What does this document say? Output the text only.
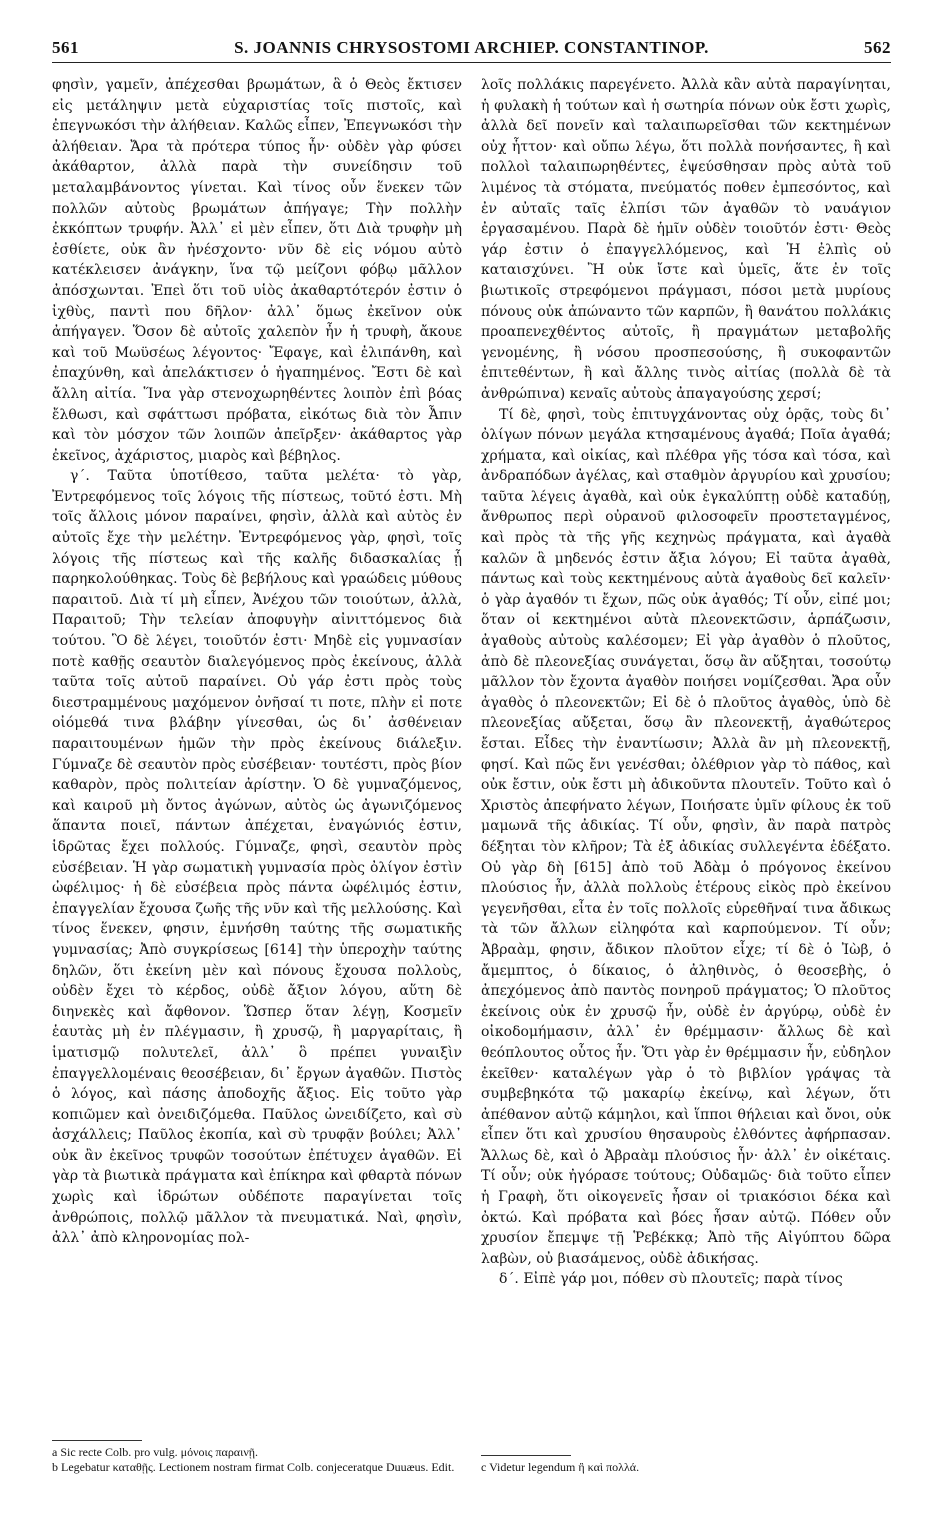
561	S. JOANNIS CHRYSOSTOMI ARCHIEP. CONSTANTINOP.	562

φησὶν, γαμεῖν, ἀπέχεσθαι βρωμάτων, ἃ ὁ Θεὸς ἔκτισεν εἰς μετάληψιν μετὰ εὐχαριστίας τοῖς πιστοῖς, καὶ ἐπεγνωκόσι τὴν ἀλήθειαν. Καλῶς εἶπεν, Ἐπεγνωκόσι τὴν ἀλήθειαν. Ἄρα τὰ πρότερα τύπος ἦν· οὐδὲν γὰρ φύσει ἀκάθαρτον, ἀλλὰ παρὰ τὴν συνείδησιν τοῦ μεταλαμβάνοντος γίνεται. Καὶ τίνος οὖν ἕνεκεν τῶν πολλῶν αὐτοὺς βρωμάτων ἀπήγαγε; Τὴν πολλὴν ἐκκόπτων τρυφήν. Ἀλλ᾽ εἰ μὲν εἶπεν, ὅτι Διὰ τρυφὴν μὴ ἐσθίετε, οὐκ ἂν ἠνέσχοντο· νῦν δὲ εἰς νόμου αὐτὸ κατέκλεισεν ἀνάγκην, ἵνα τῷ μείζονι φόβῳ μᾶλλον ἀπόσχωνται. Ἐπεὶ ὅτι τοῦ υἱὸς ἀκαθαρτότερόν ἐστιν ὁ ἰχθὺς, παντὶ που δῆλον· ἀλλ᾽ ὅμως ἐκεῖνον οὐκ ἀπήγαγεν. Ὅσον δὲ αὐτοῖς χαλεπὸν ἦν ἡ τρυφὴ, ἄκουε καὶ τοῦ Μωϋσέως λέγοντος· Ἔφαγε, καὶ ἐλιπάνθη, καὶ ἐπαχύνθη, καὶ ἀπελάκτισεν ὁ ἠγαπημένος. Ἔστι δὲ καὶ ἄλλη αἰτία. Ἵνα γὰρ στενοχωρηθέντες λοιπὸν ἐπὶ βόας ἔλθωσι, καὶ σφάττωσι πρόβατα, εἰκότως διὰ τὸν Ἆπιν καὶ τὸν μόσχον τῶν λοιπῶν ἀπεῖρξεν· ἀκάθαρτος γὰρ ἐκεῖνος, ἀχάριστος, μιαρὸς καὶ βέβηλος.

γ΄. Ταῦτα ὑποτίθεσο, ταῦτα μελέτα· τὸ γὰρ, Ἐντρεφόμενος τοῖς λόγοις τῆς πίστεως, τοῦτό ἐστι. Μὴ τοῖς ἄλλοις μόνον παραίνει, φησὶν, ἀλλὰ καὶ αὐτὸς ἐν αὐτοῖς ἔχε τὴν μελέτην. Ἐντρεφόμενος γὰρ, φησὶ, τοῖς λόγοις τῆς πίστεως καὶ τῆς καλῆς διδασκαλίας ᾗ παρηκολούθηκας. Τοὺς δὲ βεβήλους καὶ γραώδεις μύθους παραιτοῦ. Διὰ τί μὴ εἶπεν, Ἀνέχου τῶν τοιούτων, ἀλλὰ, Παραιτοῦ; Τὴν τελείαν ἀποφυγὴν αἰνιττόμενος διὰ τούτου. Ὃ δὲ λέγει, τοιοῦτόν ἐστι· Μηδὲ εἰς γυμνασίαν ποτὲ καθῇς σεαυτὸν διαλεγόμενος πρὸς ἐκείνους, ἀλλὰ ταῦτα τοῖς αὐτοῦ παραίνει. Οὐ γάρ ἐστι πρὸς τοὺς διεστραμμένους μαχόμενον ὀνῆσαί τι ποτε, πλὴν εἰ ποτε οἰόμεθά τινα βλάβην γίνεσθαι, ὡς δι᾽ ἀσθένειαν παραιτουμένων ἡμῶν τὴν πρὸς ἐκείνους διάλεξιν. Γύμναζε δὲ σεαυτὸν πρὸς εὐσέβειαν· τουτέστι, πρὸς βίον καθαρὸν, πρὸς πολιτείαν ἀρίστην. Ὁ δὲ γυμναζόμενος, καὶ καιροῦ μὴ ὄντος ἀγώνων, αὐτὸς ὡς ἀγωνιζόμενος ἅπαντα ποιεῖ, πάντων ἀπέχεται, ἐναγώνιός ἐστιν, ἱδρῶτας ἔχει πολλούς. Γύμναζε, φησὶ, σεαυτὸν πρὸς εὐσέβειαν. Ἡ γὰρ σωματικὴ γυμνασία πρὸς ὀλίγον ἐστὶν ὠφέλιμος· ἡ δὲ εὐσέβεια πρὸς πάντα ὠφέλιμός ἐστιν, ἐπαγγελίαν ἔχουσα ζωῆς τῆς νῦν καὶ τῆς μελλούσης. Καὶ τίνος ἕνεκεν, φησιν, ἐμνήσθη ταύτης τῆς σωματικῆς γυμνασίας; Ἀπὸ συγκρίσεως [614] τὴν ὑπεροχὴν ταύτης δηλῶν, ὅτι ἐκείνη μὲν καὶ πόνους ἔχουσα πολλοὺς, οὐδὲν ἔχει τὸ κέρδος, οὐδὲ ἄξιον λόγου, αὕτη δὲ διηνεκὲς καὶ ἄφθονον. Ὥσπερ ὅταν λέγῃ, Κοσμεῖν ἑαυτὰς μὴ ἐν πλέγμασιν, ἢ χρυσῷ, ἢ μαργαρίταις, ἢ ἱματισμῷ πολυτελεῖ, ἀλλ᾽ ὃ πρέπει γυναιξὶν ἐπαγγελλομέναις θεοσέβειαν, δι᾽ ἔργων ἀγαθῶν. Πιστὸς ὁ λόγος, καὶ πάσης ἀποδοχῆς ἄξιος. Εἰς τοῦτο γὰρ κοπιῶμεν καὶ ὀνειδιζόμεθα. Παῦλος ὠνειδίζετο, καὶ σὺ ἀσχάλλεις; Παῦλος ἐκοπία, καὶ σὺ τρυφᾷν βούλει; Ἀλλ᾽ οὐκ ἂν ἐκεῖνος τρυφῶν τοσούτων ἐπέτυχεν ἀγαθῶν. Εἰ γὰρ τὰ βιωτικὰ πράγματα καὶ ἐπίκηρα καὶ φθαρτὰ πόνων χωρὶς καὶ ἱδρώτων οὐδέποτε παραγίνεται τοῖς ἀνθρώποις, πολλῷ μᾶλλον τὰ πνευματικά. Ναὶ, φησὶν, ἀλλ᾽ ἀπὸ κληρονομίας πολ-

a Sic recte Colb. pro vulg. μόνοις παραινῇ.

b Legebatur καταθῇς. Lectionem nostram firmat Colb. conjeceratque Duuæus. Edit.

λοῖς πολλάκις παρεγένετο. Ἀλλὰ κἂν αὐτὰ παραγίνηται, ἡ φυλακὴ ἡ τούτων καὶ ἡ σωτηρία πόνων οὐκ ἔστι χωρὶς, ἀλλὰ δεῖ πονεῖν καὶ ταλαιπωρεῖσθαι τῶν κεκτημένων οὐχ ἧττον· καὶ οὔπω λέγω, ὅτι πολλὰ πονήσαντες, ἢ καὶ πολλοὶ ταλαιπωρηθέντες, ἐψεύσθησαν πρὸς αὐτὰ τοῦ λιμένος τὰ στόματα, πνεύματός ποθεν ἐμπεσόντος, καὶ ἐν αὐταῖς ταῖς ἐλπίσι τῶν ἀγαθῶν τὸ ναυάγιον ἐργασαμένου. Παρὰ δὲ ἡμῖν οὐδὲν τοιοῦτόν ἐστι· Θεὸς γάρ ἐστιν ὁ ἐπαγγελλόμενος, καὶ Ἡ ἐλπὶς οὐ καταισχύνει. Ἢ οὐκ ἴστε καὶ ὑμεῖς, ἅτε ἐν τοῖς βιωτικοῖς στρεφόμενοι πράγμασι, πόσοι μετὰ μυρίους πόνους οὐκ ἀπώναντο τῶν καρπῶν, ἢ θανάτου πολλάκις προαπενεχθέντος αὐτοῖς, ἢ πραγμάτων μεταβολῆς γενομένης, ἢ νόσου προσπεσούσης, ἢ συκοφαντῶν ἐπιτεθέντων, ἢ καὶ ἄλλης τινὸς αἰτίας (πολλὰ δὲ τὰ ἀνθρώπινα) κεναῖς αὐτοὺς ἀπαγαγούσης χερσί;

Τί δὲ, φησὶ, τοὺς ἐπιτυγχάνοντας οὐχ ὁρᾷς, τοὺς δι᾽ ὀλίγων πόνων μεγάλα κτησαμένους ἀγαθά; Ποῖα ἀγαθά; χρήματα, καὶ οἰκίας, καὶ πλέθρα γῆς τόσα καὶ τόσα, καὶ ἀνδραπόδων ἀγέλας, καὶ σταθμὸν ἀργυρίου καὶ χρυσίου; ταῦτα λέγεις ἀγαθὰ, καὶ οὐκ ἐγκαλύπτῃ οὐδὲ καταδύῃ, ἄνθρωπος περὶ οὐρανοῦ φιλοσοφεῖν προστεταγμένος, καὶ πρὸς τὰ τῆς γῆς κεχηνὼς πράγματα, καὶ ἀγαθὰ καλῶν ἃ μηδενός ἐστιν ἄξια λόγου; Εἰ ταῦτα ἀγαθὰ, πάντως καὶ τοὺς κεκτημένους αὐτὰ ἀγαθοὺς δεῖ καλεῖν· ὁ γὰρ ἀγαθόν τι ἔχων, πῶς οὐκ ἀγαθός; Τί οὖν, εἰπέ μοι; ὅταν οἱ κεκτημένοι αὐτὰ πλεονεκτῶσιν, ἁρπάζωσιν, ἀγαθοὺς αὐτοὺς καλέσομεν; Εἰ γὰρ ἀγαθὸν ὁ πλοῦτος, ἀπὸ δὲ πλεονεξίας συνάγεται, ὅσῳ ἂν αὔξηται, τοσούτῳ μᾶλλον τὸν ἔχοντα ἀγαθὸν ποιήσει νομίζεσθαι. Ἄρα οὖν ἀγαθὸς ὁ πλεονεκτῶν; Εἰ δὲ ὁ πλοῦτος ἀγαθὸς, ὑπὸ δὲ πλεονεξίας αὔξεται, ὅσῳ ἂν πλεονεκτῇ, ἀγαθώτερος ἔσται. Εἶδες τὴν ἐναντίωσιν; Ἀλλὰ ἂν μὴ πλεονεκτῇ, φησί. Καὶ πῶς ἔνι γενέσθαι; ὀλέθριον γὰρ τὸ πάθος, καὶ οὐκ ἔστιν, οὐκ ἔστι μὴ ἀδικοῦντα πλουτεῖν. Τοῦτο καὶ ὁ Χριστὸς ἀπεφήνατο λέγων, Ποιήσατε ὑμῖν φίλους ἐκ τοῦ μαμωνᾶ τῆς ἀδικίας. Τί οὖν, φησὶν, ἂν παρὰ πατρὸς δέξηται τὸν κλῆρον; Τὰ ἐξ ἀδικίας συλλεγέντα ἐδέξατο. Οὐ γὰρ δὴ [615] ἀπὸ τοῦ Ἀδὰμ ὁ πρόγονος ἐκείνου πλούσιος ἦν, ἀλλὰ πολλοὺς ἑτέρους εἰκὸς πρὸ ἐκείνου γεγενῆσθαι, εἶτα ἐν τοῖς πολλοῖς εὑρεθῆναί τινα ἄδικως τὰ τῶν ἄλλων εἰληφότα καὶ καρπούμενον. Τί οὖν; Ἀβραὰμ, φησιν, ἄδικον πλοῦτον εἶχε; τί δὲ ὁ Ἰὼβ, ὁ ἄμεμπτος, ὁ δίκαιος, ὁ ἀληθινὸς, ὁ θεοσεβὴς, ὁ ἀπεχόμενος ἀπὸ παντὸς πονηροῦ πράγματος; Ὁ πλοῦτος ἐκείνοις οὐκ ἐν χρυσῷ ἦν, οὐδὲ ἐν ἀργύρῳ, οὐδὲ ἐν οἰκοδομήμασιν, ἀλλ᾽ ἐν θρέμμασιν· ἄλλως δὲ καὶ θεόπλουτος οὗτος ἦν. Ὅτι γὰρ ἐν θρέμμασιν ἦν, εὐδηλον ἐκεῖθεν· καταλέγων γὰρ ὁ τὸ βιβλίον γράψας τὰ συμβεβηκότα τῷ μακαρίῳ ἐκείνῳ, καὶ λέγων, ὅτι ἀπέθανον αὐτῷ κάμηλοι, καὶ ἵπποι θήλειαι καὶ ὄνοι, οὐκ εἶπεν ὅτι καὶ χρυσίου θησαυροὺς ἐλθόντες ἀφήρπασαν. Ἄλλως δὲ, καὶ ὁ Ἀβραὰμ πλούσιος ἦν· ἀλλ᾽ ἐν οἰκέταις. Τί οὖν; οὐκ ἠγόρασε τούτους; Οὐδαμῶς· διὰ τοῦτο εἶπεν ἡ Γραφὴ, ὅτι οἰκογενεῖς ἦσαν οἱ τριακόσιοι δέκα καὶ ὀκτώ. Καὶ πρόβατα καὶ βόες ἦσαν αὐτῷ. Πόθεν οὖν χρυσίον ἔπεμψε τῇ Ῥεβέκκᾳ; Ἀπὸ τῆς Αἰγύπτου δῶρα λαβὼν, οὐ βιασάμενος, οὐδὲ ἀδικήσας.

δ΄. Εἰπὲ γάρ μοι, πόθεν σὺ πλουτεῖς; παρὰ τίνος

c Videtur legendum ἢ καὶ πολλά.
